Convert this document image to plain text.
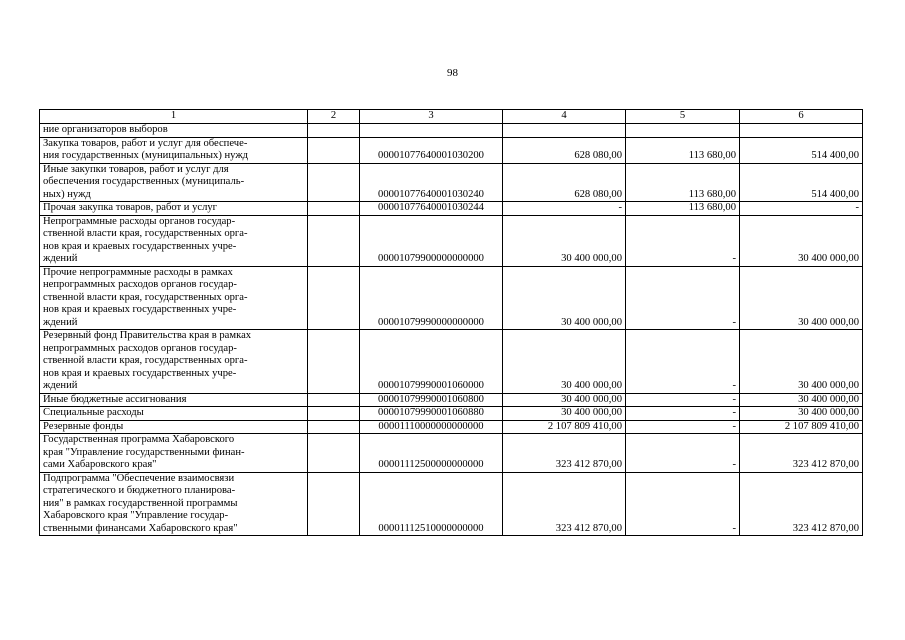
98
1	2	3	4	5	6

ние организаторов выборов					

Закупка товаров, работ и услуг для обеспече-
ния государственных (муниципальных) нужд		00001077640001030200	628 080,00	113 680,00	514 400,00

Иные закупки товаров, работ и услуг для
обеспечения государственных (муниципаль-
ных) нужд		00001077640001030240	628 080,00	113 680,00	514 400,00

Прочая закупка товаров, работ и услуг		00001077640001030244	-	113 680,00	-

Непрограммные расходы органов государ-
ственной власти края, государственных орга-
нов края и краевых государственных учре-
ждений		00001079900000000000	30 400 000,00	-	30 400 000,00

Прочие непрограммные расходы в рамках
непрограммных расходов органов государ-
ственной власти края, государственных орга-
нов края и краевых государственных учре-
ждений		00001079990000000000	30 400 000,00	-	30 400 000,00

Резервный фонд Правительства края в рамках
непрограммных расходов органов государ-
ственной власти края, государственных орга-
нов края и краевых государственных учре-
ждений		00001079990001060000	30 400 000,00	-	30 400 000,00

Иные бюджетные ассигнования		00001079990001060800	30 400 000,00	-	30 400 000,00

Специальные расходы		00001079990001060880	30 400 000,00	-	30 400 000,00

Резервные фонды		00001110000000000000	2 107 809 410,00	-	2 107 809 410,00

Государственная программа Хабаровского
края "Управление государственными финан-
сами Хабаровского края"		00001112500000000000	323 412 870,00	-	323 412 870,00

Подпрограмма "Обеспечение взаимосвязи
стратегического и бюджетного планирова-
ния" в рамках государственной программы
Хабаровского края "Управление государ-
ственными финансами Хабаровского края"		00001112510000000000	323 412 870,00	-	323 412 870,00
